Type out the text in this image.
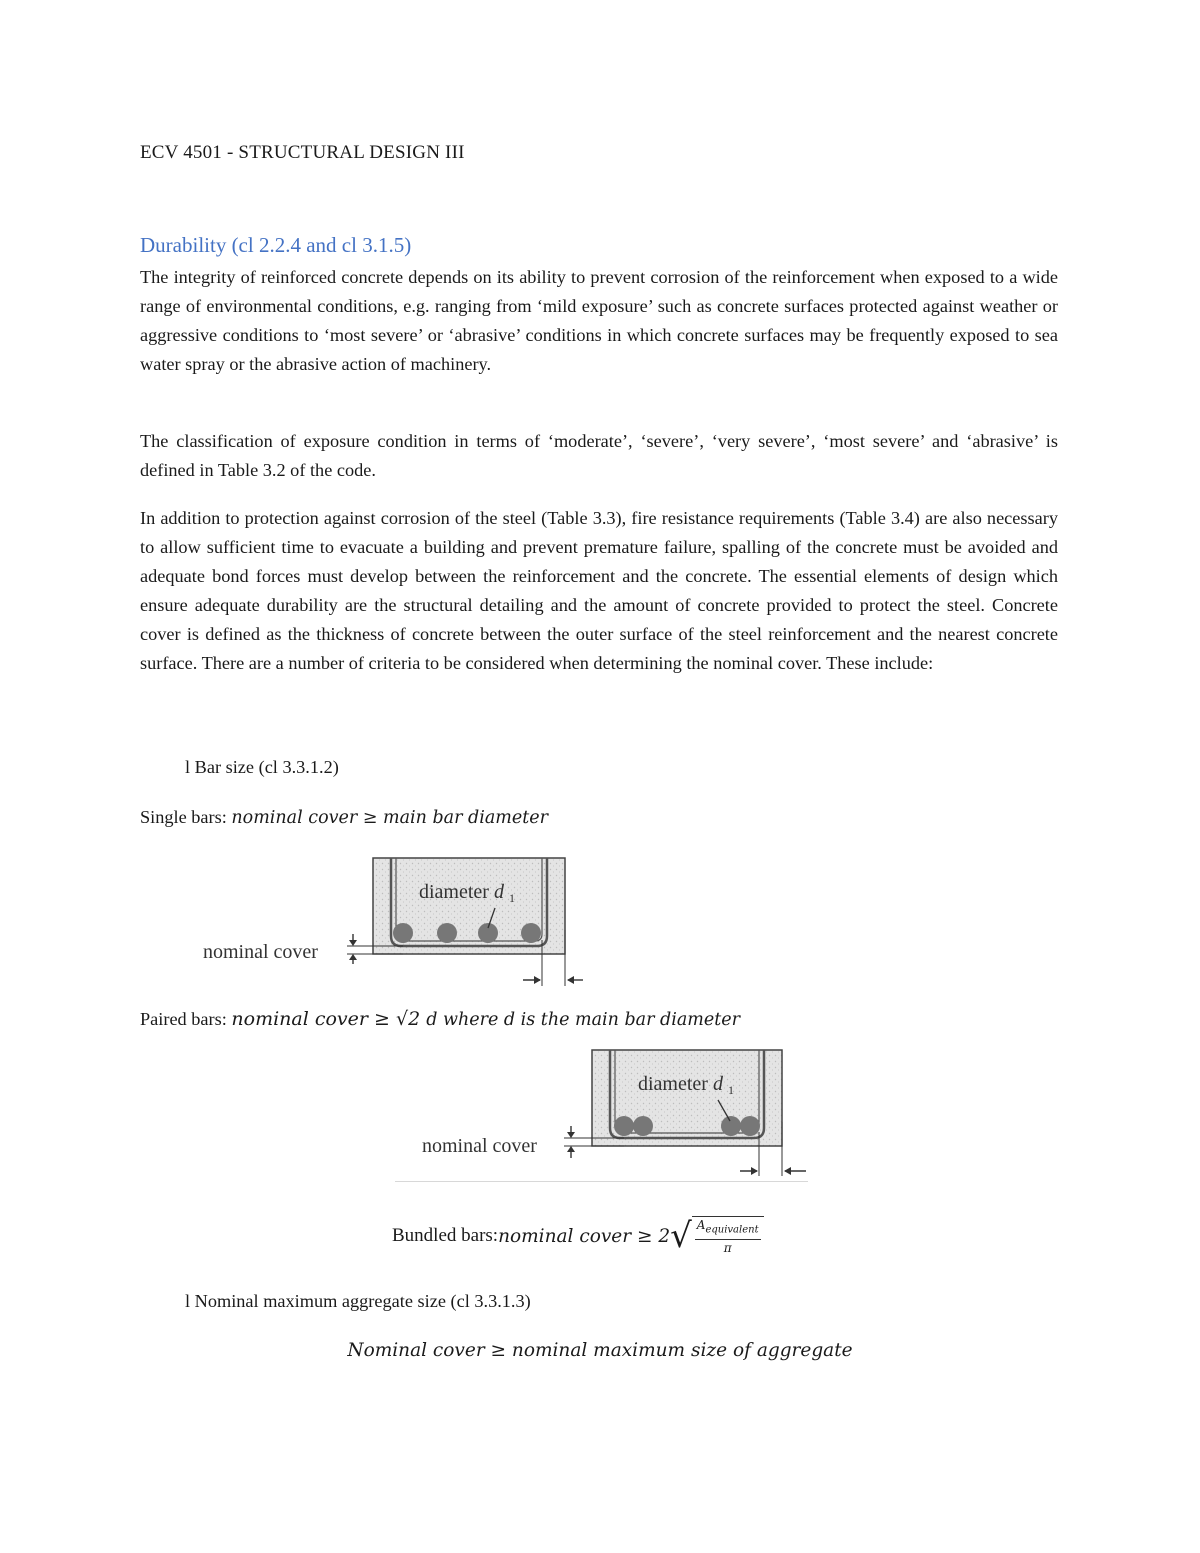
ECV 4501 - STRUCTURAL DESIGN III
Durability (cl 2.2.4 and cl 3.1.5)
The integrity of reinforced concrete depends on its ability to prevent corrosion of the reinforcement when exposed to a wide range of environmental conditions, e.g. ranging from ‘mild exposure’ such as concrete surfaces protected against weather or aggressive conditions to ‘most severe’ or ‘abrasive’ conditions in which concrete surfaces may be frequently exposed to sea water spray or the abrasive action of machinery.
The classification of exposure condition in terms of ‘moderate’, ‘severe’, ‘very severe’, ‘most severe’ and ‘abrasive’ is defined in Table 3.2 of the code.
In addition to protection against corrosion of the steel (Table 3.3), fire resistance requirements (Table 3.4) are also necessary to allow sufficient time to evacuate a building and prevent premature failure, spalling of the concrete must be avoided and adequate bond forces must develop between the reinforcement and the concrete. The essential elements of design which ensure adequate durability are the structural detailing and the amount of concrete provided to protect the steel. Concrete cover is defined as the thickness of concrete between the outer surface of the steel reinforcement and the nearest concrete surface. There are a number of criteria to be considered when determining the nominal cover. These include:
l Bar size (cl 3.3.1.2)
Single bars: nominal cover ≥ main bar diameter
diameter d $_1$
nominal cover
Paired bars: nominal cover ≥ √2 d where d is the main bar diameter
diameter d $_1$
nominal cover
Bundled bars: nominal cover ≥ 2 √ $\frac{A_{equivalent}}{\pi}$
l Nominal maximum aggregate size (cl 3.3.1.3)
Nominal cover ≥ nominal maximum size of aggregate
